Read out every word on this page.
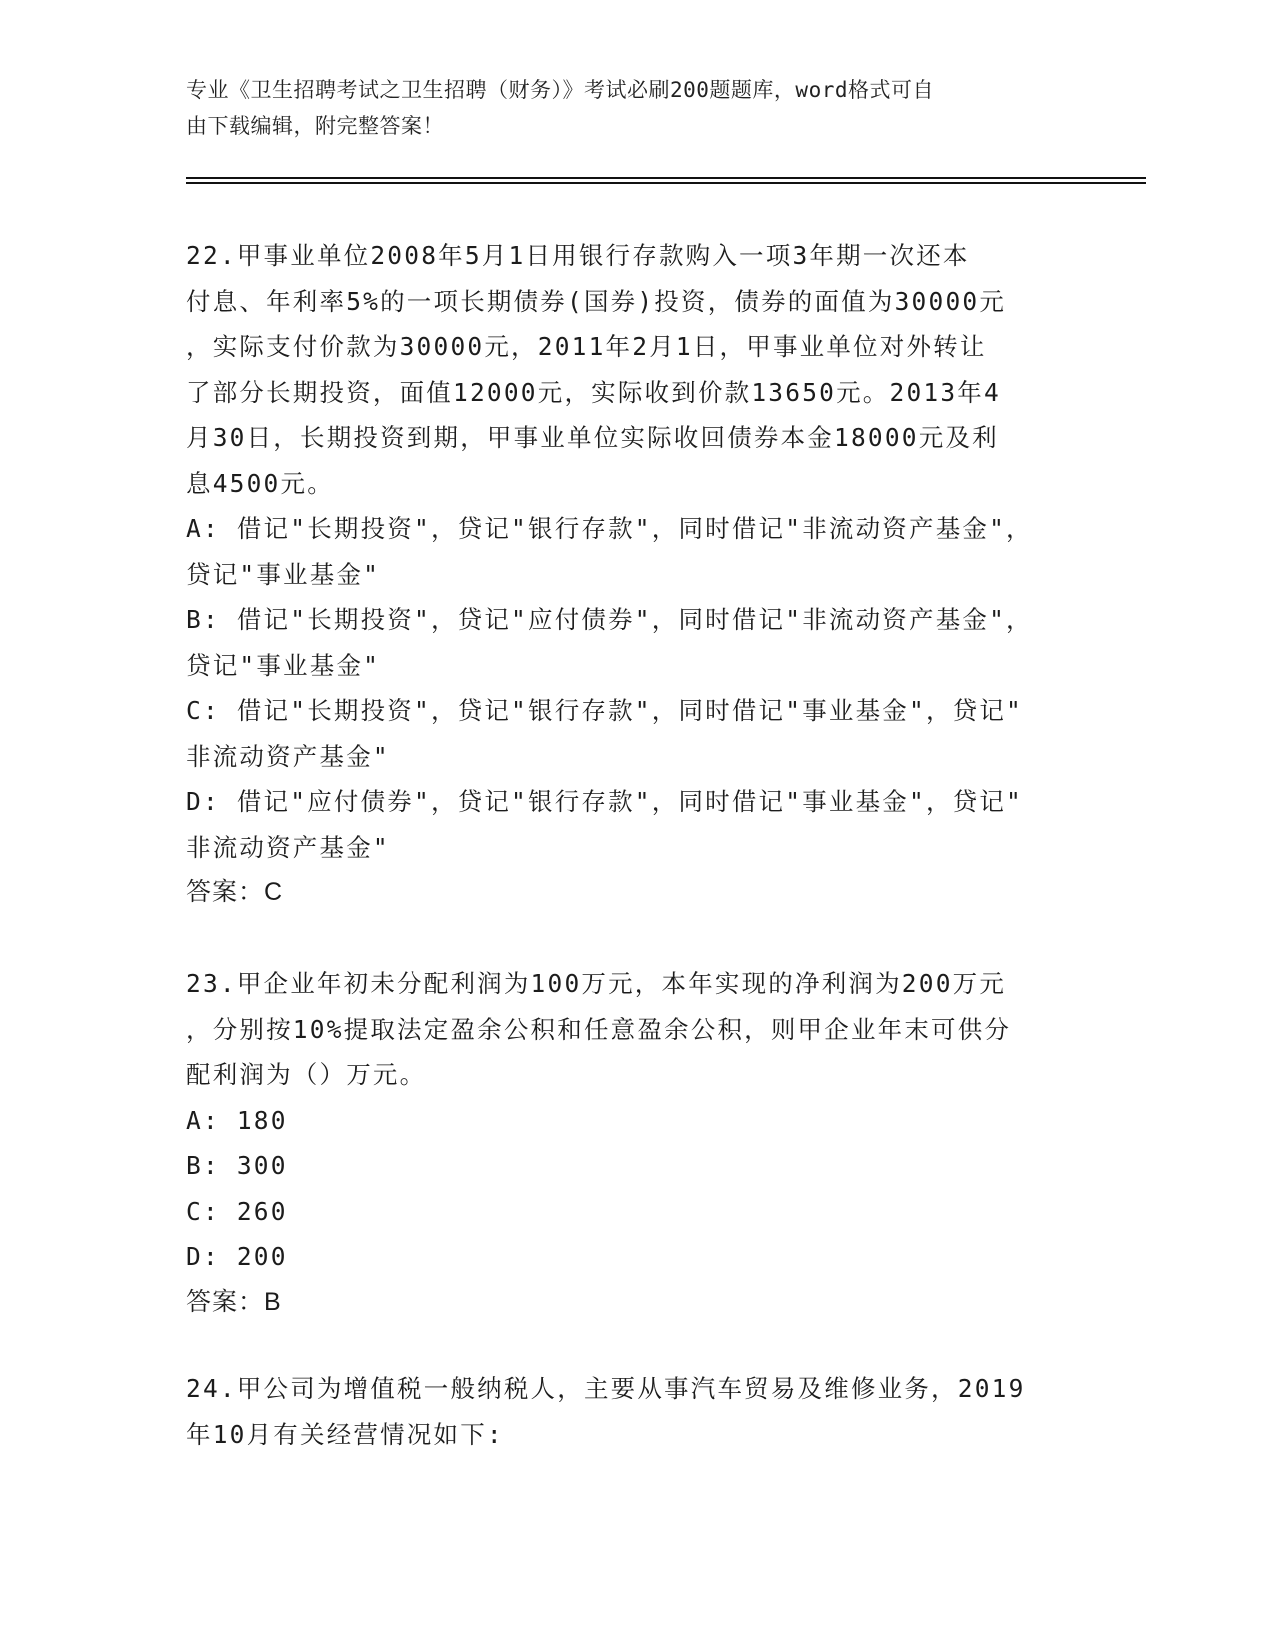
专业《卫生招聘考试之卫生招聘（财务）》考试必刷200题题库，word格式可自
由下载编辑，附完整答案！
22.甲事业单位2008年5月1日用银行存款购入一项3年期一次还本
付息、年利率5%的一项长期债券(国券)投资，债券的面值为30000元
，实际支付价款为30000元，2011年2月1日，甲事业单位对外转让
了部分长期投资，面值12000元，实际收到价款13650元。2013年4
月30日，长期投资到期，甲事业单位实际收回债券本金18000元及利
息4500元。
A: 借记"长期投资"，贷记"银行存款"，同时借记"非流动资产基金"，
贷记"事业基金"
B: 借记"长期投资"，贷记"应付债券"，同时借记"非流动资产基金"，
贷记"事业基金"
C: 借记"长期投资"，贷记"银行存款"，同时借记"事业基金"，贷记"
非流动资产基金"
D: 借记"应付债券"，贷记"银行存款"，同时借记"事业基金"，贷记"
非流动资产基金"
答案：C
23.甲企业年初未分配利润为100万元，本年实现的净利润为200万元
，分别按10%提取法定盈余公积和任意盈余公积，则甲企业年末可供分
配利润为（）万元。
A: 180
B: 300
C: 260
D: 200
答案：B
24.甲公司为增值税一般纳税人，主要从事汽车贸易及维修业务，2019
年10月有关经营情况如下:
